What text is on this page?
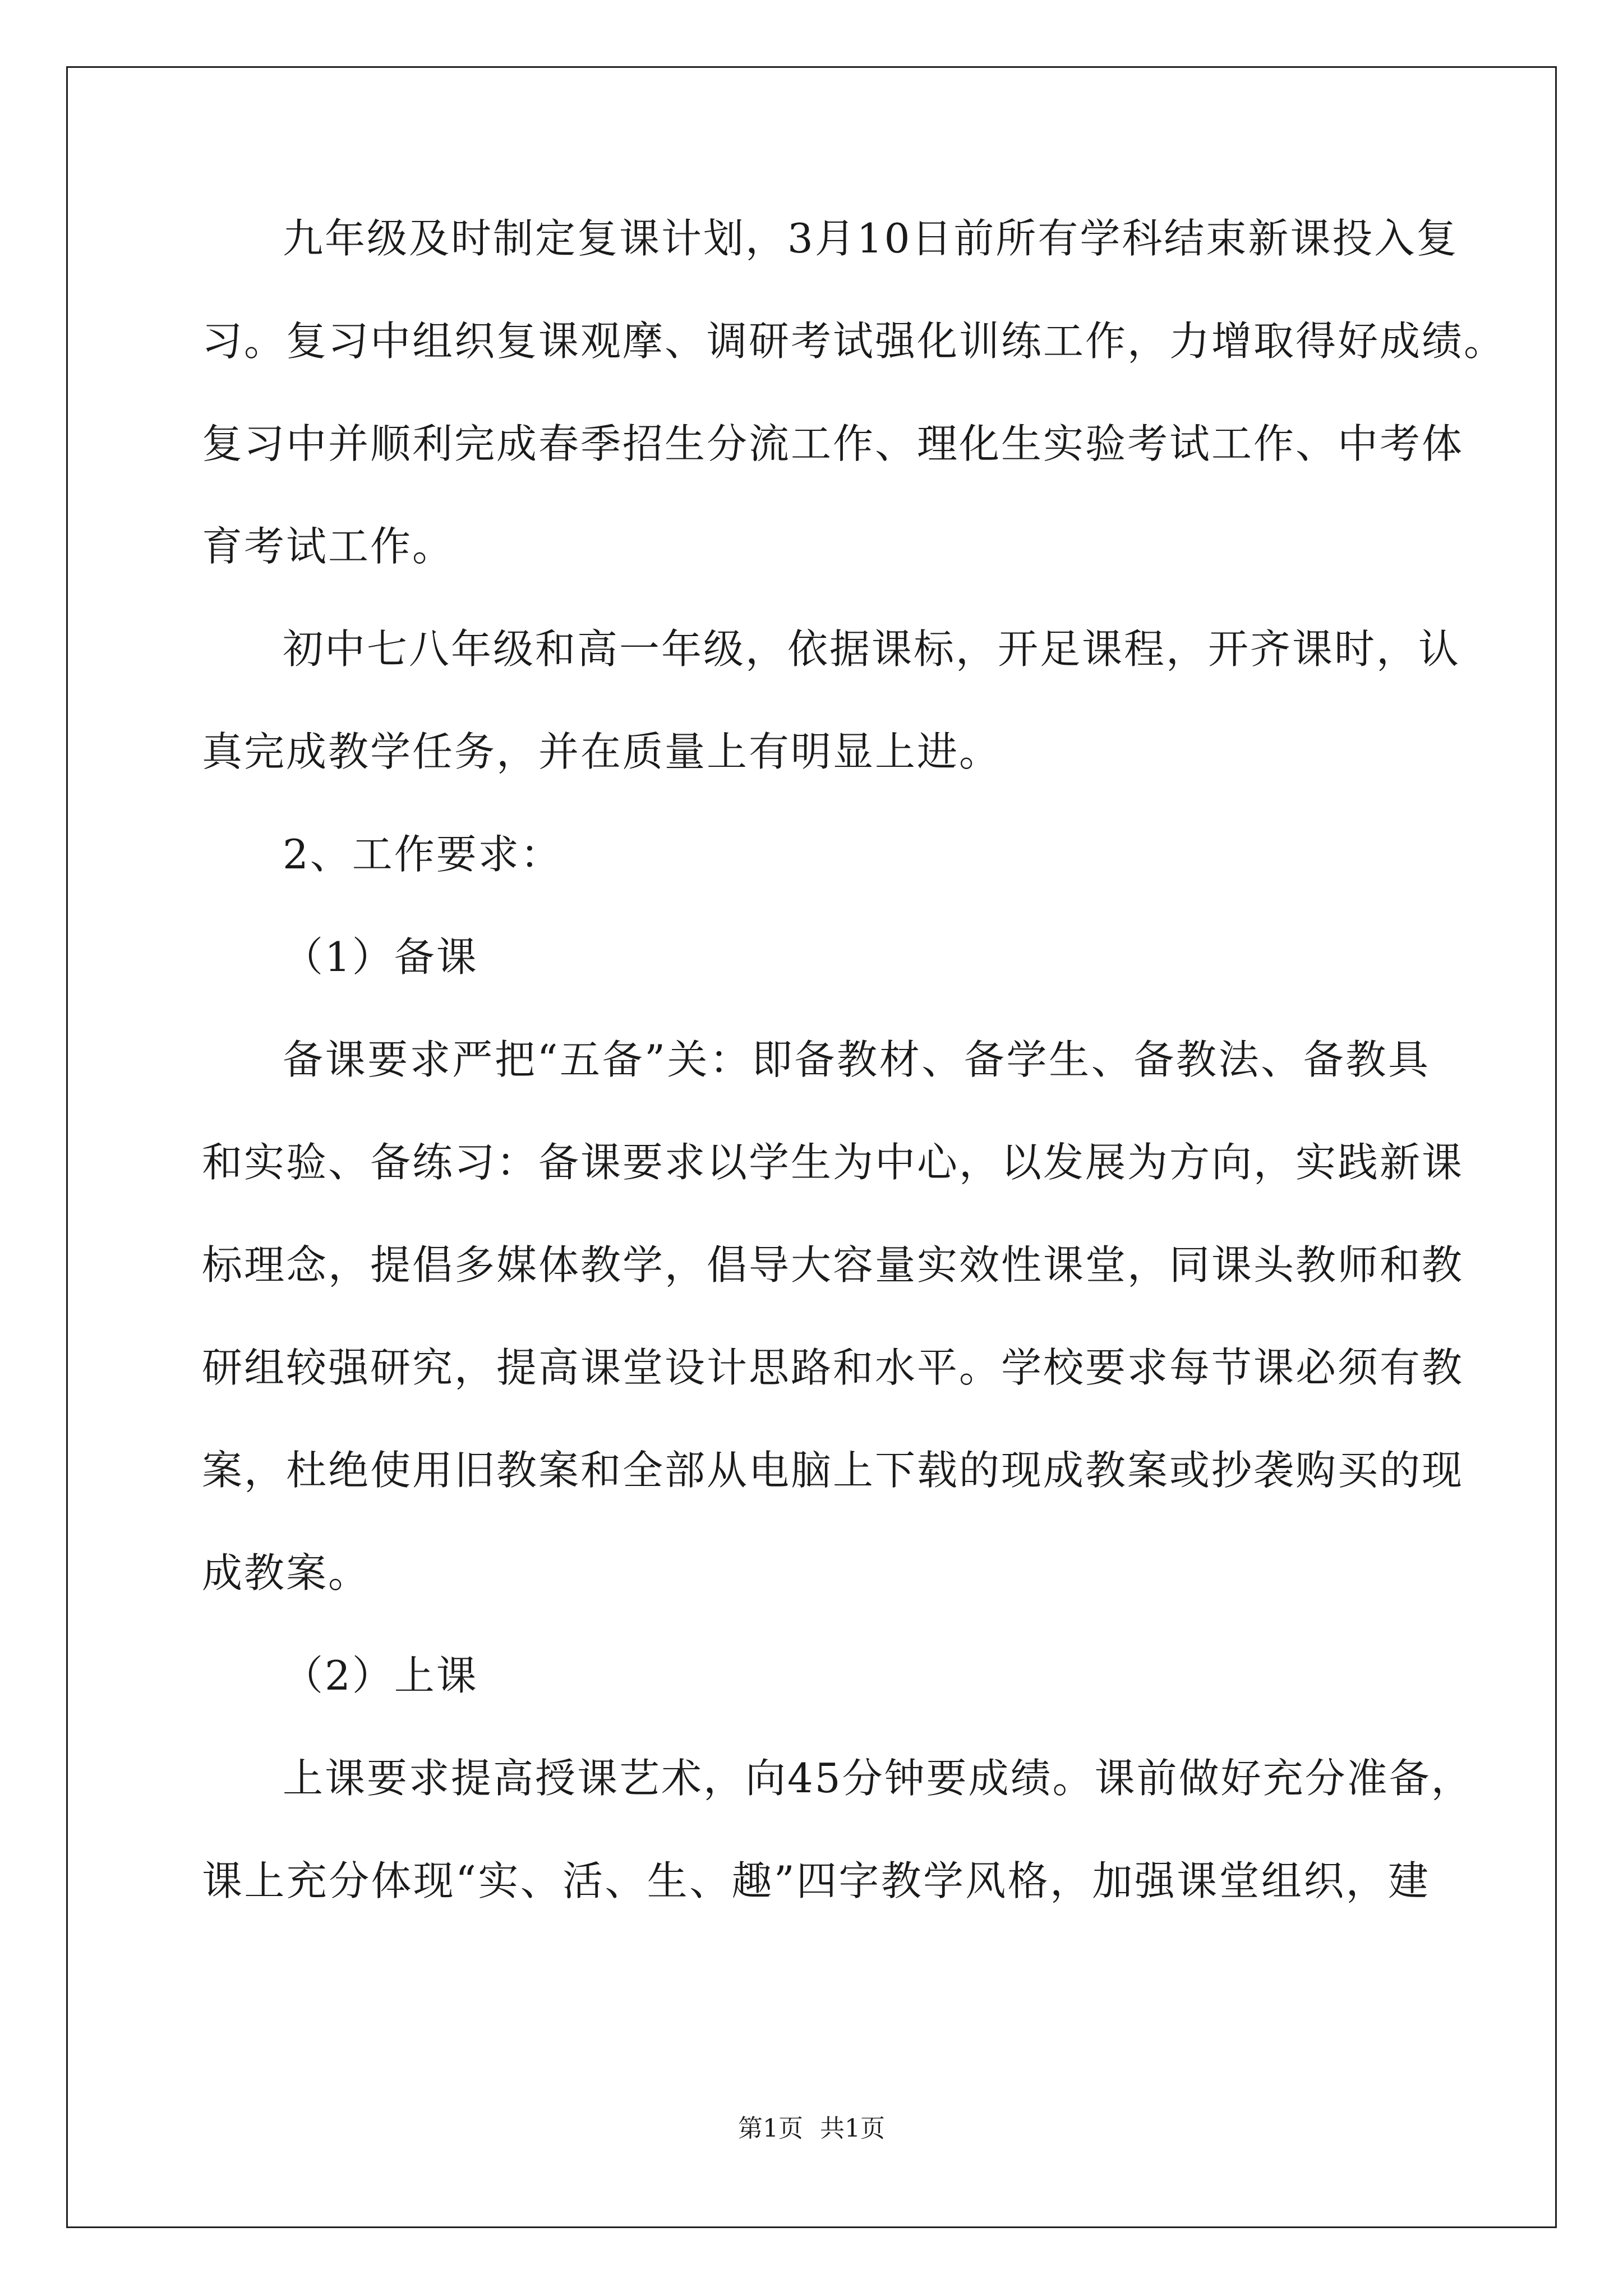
九年级及时制定复课计划，3月10日前所有学科结束新课投入复
习。复习中组织复课观摩、调研考试强化训练工作，力增取得好成绩。
复习中并顺利完成春季招生分流工作、理化生实验考试工作、中考体
育考试工作。
初中七八年级和高一年级，依据课标，开足课程，开齐课时，认
真完成教学任务，并在质量上有明显上进。
2、工作要求：
（1）备课
备课要求严把“五备”关：即备教材、备学生、备教法、备教具
和实验、备练习：备课要求以学生为中心，以发展为方向，实践新课
标理念，提倡多媒体教学，倡导大容量实效性课堂，同课头教师和教
研组较强研究，提高课堂设计思路和水平。学校要求每节课必须有教
案，杜绝使用旧教案和全部从电脑上下载的现成教案或抄袭购买的现
成教案。
（2）上课
上课要求提高授课艺术，向45分钟要成绩。课前做好充分准备，
课上充分体现“实、活、生、趣”四字教学风格，加强课堂组织，建
第1页 共1页
